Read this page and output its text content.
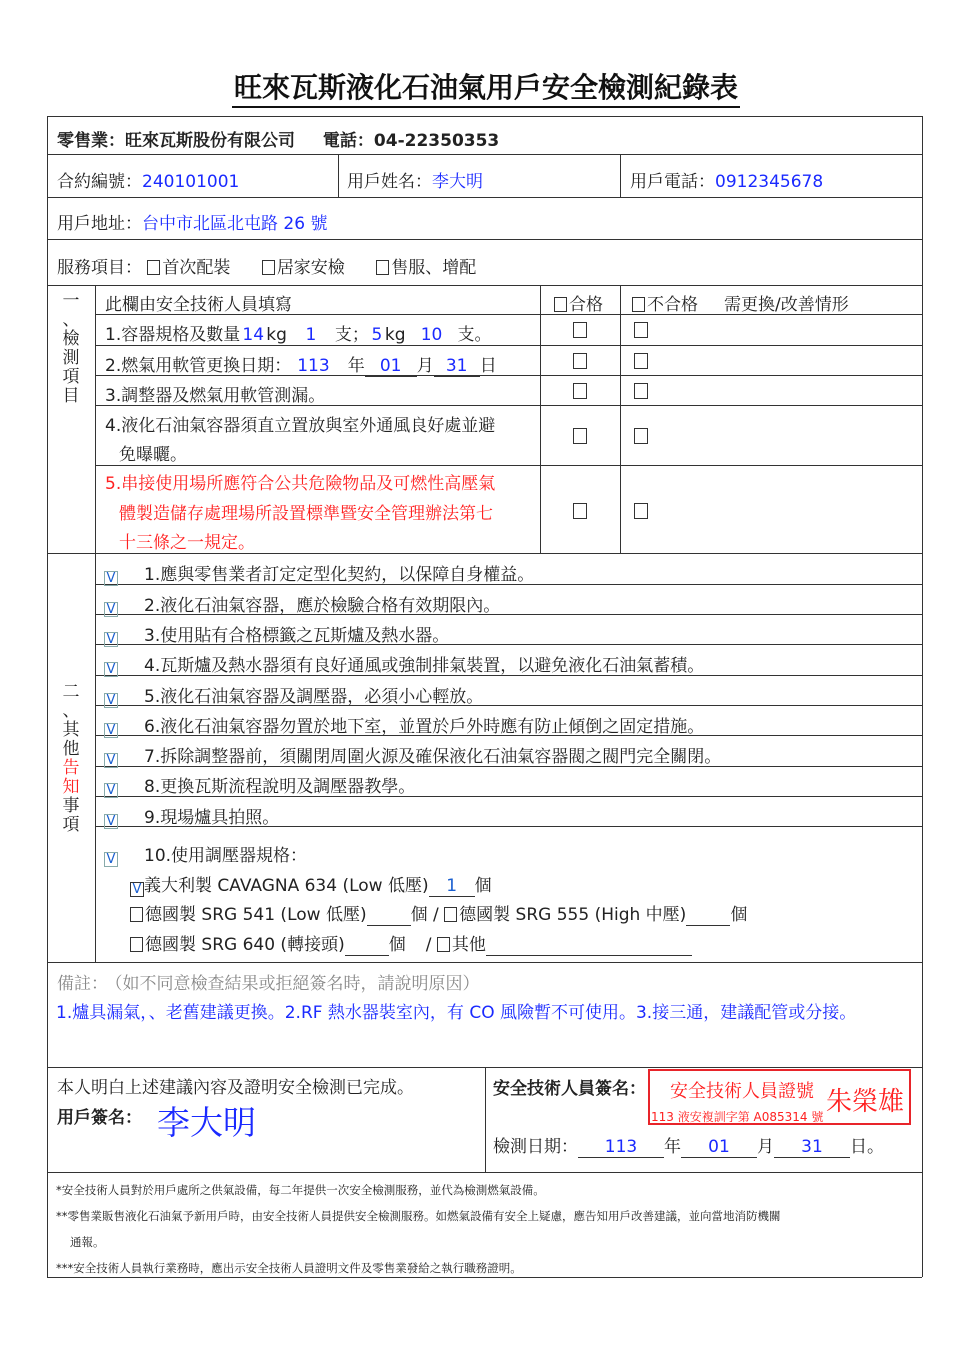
旺來瓦斯液化石油氣用戶安全檢測紀錄表
零售業：旺來瓦斯股份有限公司 電話：04-22350353
合約編號：240101001	用戶姓名：李大明	用戶電話：0912345678
用戶地址：台中市北區北屯路 26 號
服務項目： 首次配裝	居家安檢	售服、增配
一
、
檢
測
項
目
此欄由安全技術人員填寫	合格	不合格 需更換/改善情形
1.容器規格及數量 14 kg 1 支； 5 kg 10 支。
2.燃氣用軟管更換日期： 113 年 01 月 31 日
3.調整器及燃氣用軟管測漏。
4.液化石油氣容器須直立置放與室外通風良好處並避
免曝曬。
5.串接使用場所應符合公共危險物品及可燃性高壓氣
體製造儲存處理場所設置標準暨安全管理辦法第七
十三條之一規定。
二
、
其
他
告
知
事
項
V 1.應與零售業者訂定定型化契約，以保障自身權益。
V 2.液化石油氣容器，應於檢驗合格有效期限內。
V 3.使用貼有合格標籤之瓦斯爐及熱水器。
V 4.瓦斯爐及熱水器須有良好通風或強制排氣裝置，以避免液化石油氣蓄積。
V 5.液化石油氣容器及調壓器，必須小心輕放。
V 6.液化石油氣容器勿置於地下室，並置於戶外時應有防止傾倒之固定措施。
V 7.拆除調整器前，須關閉周圍火源及確保液化石油氣容器閥之閥門完全關閉。
V 8.更換瓦斯流程說明及調壓器教學。
V 9.現場爐具拍照。
V 10.使用調壓器規格：
V 義大利製 CAVAGNA 634 (Low 低壓) 1 個
德國製 SRG 541 (Low 低壓)	個 / 德國製 SRG 555 (High 中壓)	個
德國製 SRG 640 (轉接頭)	個 / 其他
備註： （如不同意檢查結果或拒絕簽名時，請說明原因）
1.爐具漏氣，、老舊建議更換。2.RF 熱水器裝室內，有 CO 風險暫不可使用。3.接三通，建議配管或分接。
本人明白上述建議內容及證明安全檢測已完成。
用戶簽名： 李大明
安全技術人員簽名： 安全技術人員證號 朱榮雄
113 液安複訓字第 A085314 號
檢測日期： 113 年 01 月 31 日。
*安全技術人員對於用戶處所之供氣設備，每二年提供一次安全檢測服務，並代為檢測燃氣設備。
**零售業販售液化石油氣予新用戶時，由安全技術人員提供安全檢測服務。如燃氣設備有安全上疑慮，應告知用戶改善建議，並向當地消防機關
通報。
***安全技術人員執行業務時，應出示安全技術人員證明文件及零售業發給之執行職務證明。
